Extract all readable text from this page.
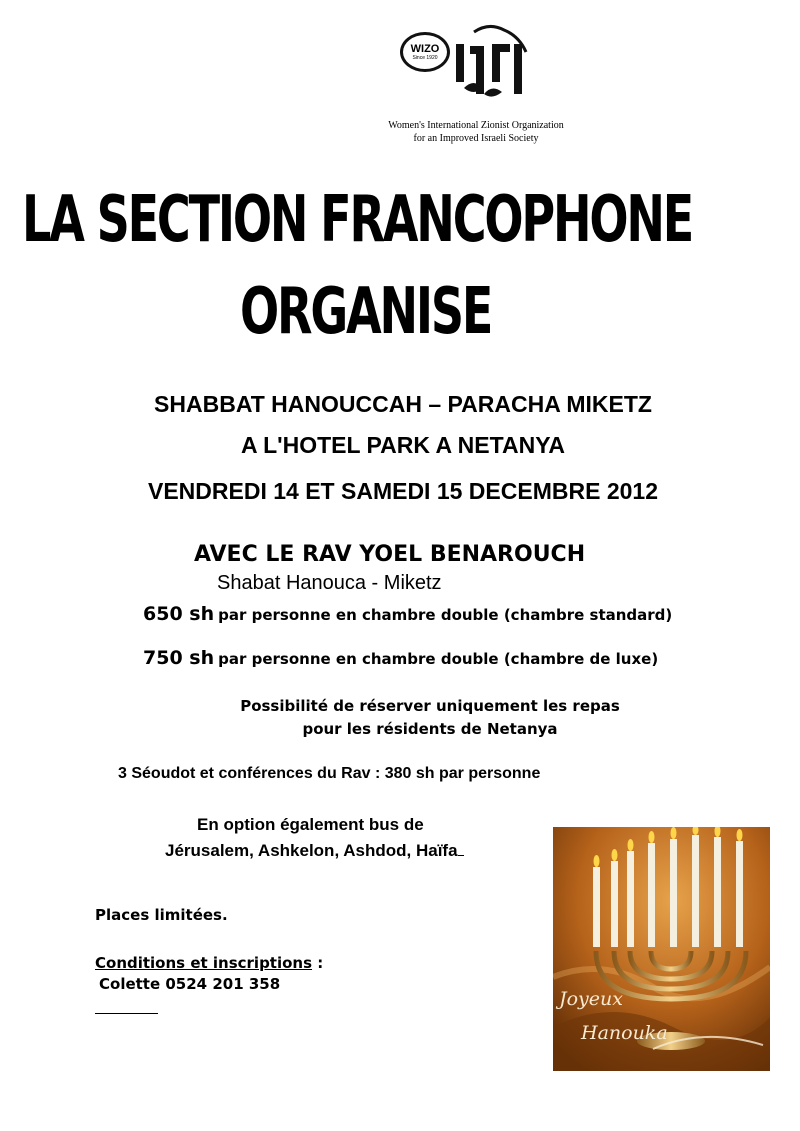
WIZO
Since 1920
Women's International Zionist Organization
for an Improved Israeli Society
LA SECTION FRANCOPHONE
ORGANISE
SHABBAT HANOUCCAH – PARACHA MIKETZ
A L'HOTEL PARK A NETANYA
VENDREDI 14 ET SAMEDI 15 DECEMBRE 2012
AVEC LE RAV YOEL BENAROUCH
Shabat Hanouca - Miketz
650 sh par personne en chambre double (chambre standard)
750 sh par personne en chambre double (chambre de luxe)
Possibilité de réserver uniquement les repas
pour les résidents de Netanya
3 Séoudot et conférences du Rav : 380 sh par personne
En option également bus de
Jérusalem, Ashkelon, Ashdod, Haïfa
Places limitées.
Conditions et inscriptions :
Colette 0524 201 358
Joyeux
Hanouka
